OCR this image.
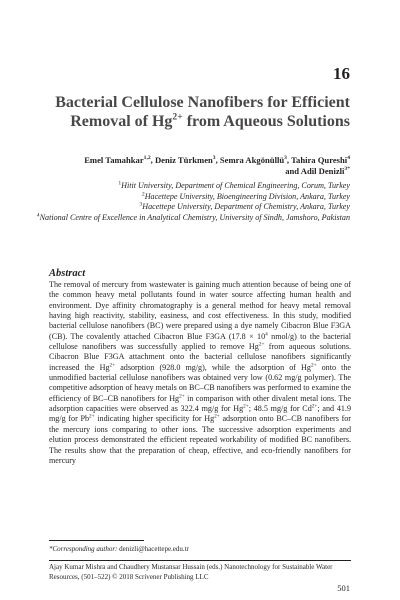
16
Bacterial Cellulose Nanofibers for Efficient
Removal of $Hg^{2+}$ from Aqueous Solutions
Emel Tamahkar$^{1,2}$, Deniz Türkmen$^3$, Semra Akgönüllü$^3$, Tahira Qureshi$^4$
and Adil Denizli$^{3*}$
$^1$Hitit University, Department of Chemical Engineering, Corum, Turkey
$^2$Hacettepe University, Bioengineering Division, Ankara, Turkey
$^3$Hacettepe University, Department of Chemistry, Ankara, Turkey
$^4$National Centre of Excellence in Analytical Chemistry, University of Sindh, Jamshoro, Pakistan
Abstract
The removal of mercury from wastewater is gaining much attention because of being one of the common heavy metal pollutants found in water source affecting human health and environment. Dye affinity chromatography is a general method for heavy metal removal having high reactivity, stability, easiness, and cost effectiveness. In this study, modified bacterial cellulose nanofibers (BC) were prepared using a dye namely Cibacron Blue F3GA (CB). The covalently attached Cibacron Blue F3GA ($17.8 \times 10^4$ nmol/g) to the bacterial cellulose nanofibers was successfully applied to remove $Hg^{2+}$ from aqueous solutions. Cibacron Blue F3GA attachment onto the bacterial cellulose nanofibers significantly increased the $Hg^{2+}$ adsorption (928.0 mg/g), while the adsorption of $Hg^{2+}$ onto the unmodified bacterial cellulose nanofibers was obtained very low (0.62 mg/g polymer). The competitive adsorption of heavy metals on BC–CB nanofibers was performed to examine the efficiency of BC–CB nanofibers for $Hg^{2+}$ in comparison with other divalent metal ions. The adsorption capacities were observed as 322.4 mg/g for $Hg^{2+}$; 48.5 mg/g for $Cd^{2+}$; and 41.9 mg/g for $Pb^{2+}$ indicating higher specificity for $Hg^{2+}$ adsorption onto BC–CB nanofibers for the mercury ions comparing to other ions. The successive adsorption experiments and elution process demonstrated the efficient repeated workability of modified BC nanofibers. The results show that the preparation of cheap, effective, and eco-friendly nanofibers for mercury
*Corresponding author: denizli@hacettepe.edu.tr
Ajay Kumar Mishra and Chaudhery Mustansar Hussain (eds.) Nanotechnology for Sustainable Water
Resources, (501–522) © 2018 Scrivener Publishing LLC
501
